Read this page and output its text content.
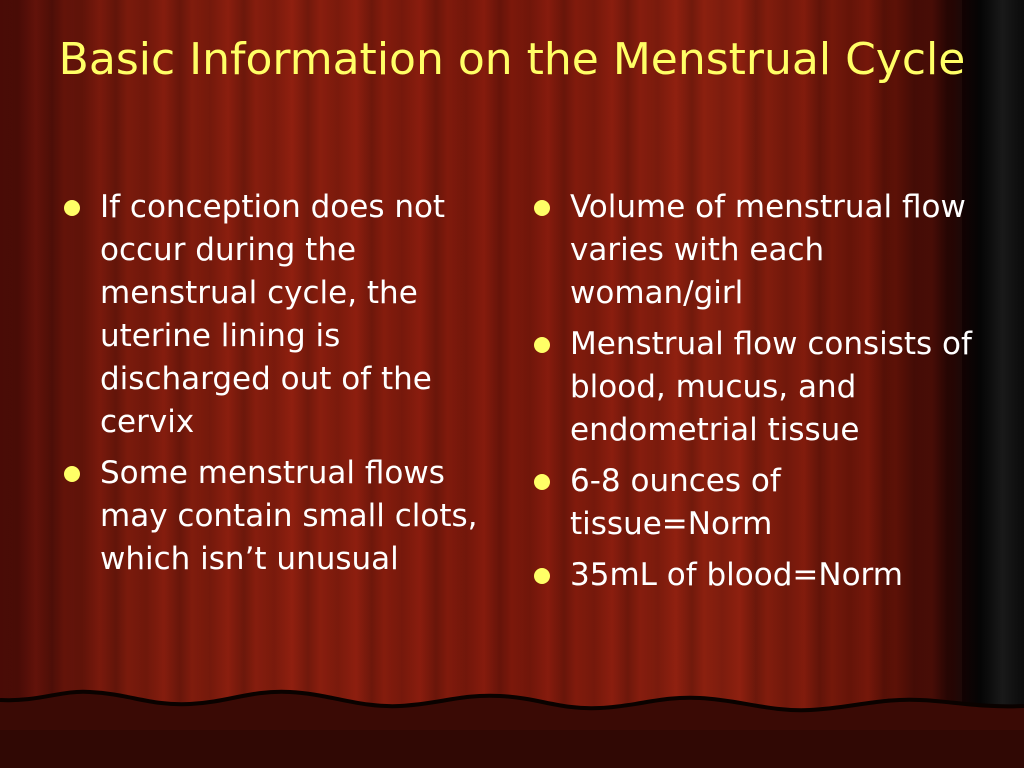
Basic Information on the Menstrual Cycle
If conception does not occur during the menstrual cycle, the uterine lining is discharged out of the cervix
Some menstrual flows may contain small clots, which isn’t unusual
Volume of menstrual flow varies with each woman/girl
Menstrual flow consists of blood, mucus, and endometrial tissue
6-8 ounces of tissue=Norm
35mL of blood=Norm
